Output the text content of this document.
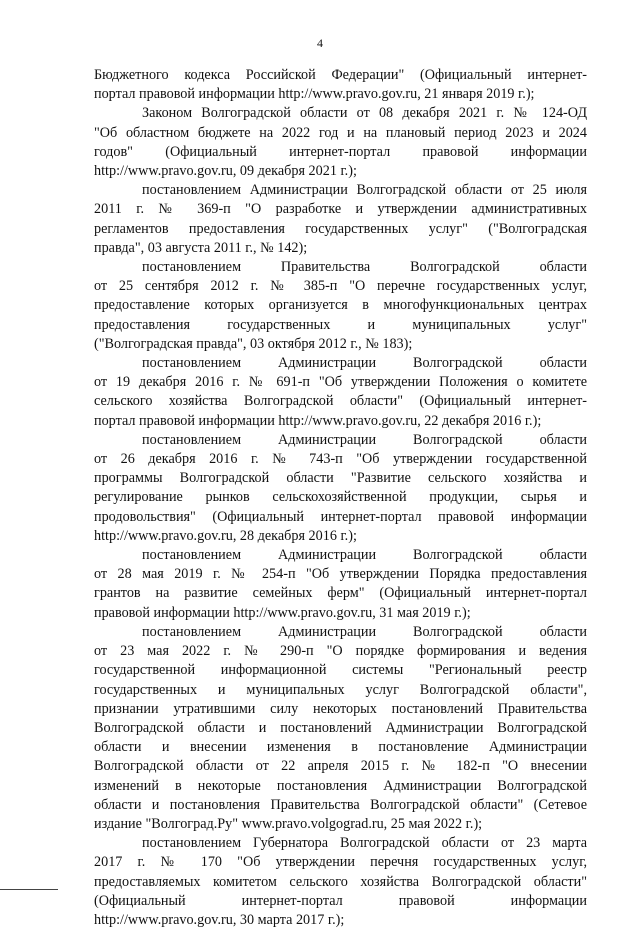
4
Бюджетного кодекса Российской Федерации" (Официальный интернет-
портал правовой информации http://www.pravo.gov.ru, 21 января 2019 г.);
Законом Волгоградской области от 08 декабря 2021 г. № 124-ОД
"Об областном бюджете на 2022 год и на плановый период 2023 и 2024
годов" (Официальный интернет-портал правовой информации
http://www.pravo.gov.ru, 09 декабря 2021 г.);
постановлением Администрации Волгоградской области от 25 июля
2011 г. № 369-п "О разработке и утверждении административных
регламентов предоставления государственных услуг" ("Волгоградская
правда", 03 августа 2011 г., № 142);
постановлением Правительства Волгоградской области
от 25 сентября 2012 г. № 385-п "О перечне государственных услуг,
предоставление которых организуется в многофункциональных центрах
предоставления государственных и муниципальных услуг"
("Волгоградская правда", 03 октября 2012 г., № 183);
постановлением Администрации Волгоградской области
от 19 декабря 2016 г. № 691-п "Об утверждении Положения о комитете
сельского хозяйства Волгоградской области" (Официальный интернет-
портал правовой информации http://www.pravo.gov.ru, 22 декабря 2016 г.);
постановлением Администрации Волгоградской области
от 26 декабря 2016 г. № 743-п "Об утверждении государственной
программы Волгоградской области "Развитие сельского хозяйства и
регулирование рынков сельскохозяйственной продукции, сырья и
продовольствия" (Официальный интернет-портал правовой информации
http://www.pravo.gov.ru, 28 декабря 2016 г.);
постановлением Администрации Волгоградской области
от 28 мая 2019 г. № 254-п "Об утверждении Порядка предоставления
грантов на развитие семейных ферм" (Официальный интернет-портал
правовой информации http://www.pravo.gov.ru, 31 мая 2019 г.);
постановлением Администрации Волгоградской области
от 23 мая 2022 г. № 290-п "О порядке формирования и ведения
государственной информационной системы "Региональный реестр
государственных и муниципальных услуг Волгоградской области",
признании утратившими силу некоторых постановлений Правительства
Волгоградской области и постановлений Администрации Волгоградской
области и внесении изменения в постановление Администрации
Волгоградской области от 22 апреля 2015 г. № 182-п "О внесении
изменений в некоторые постановления Администрации Волгоградской
области и постановления Правительства Волгоградской области" (Сетевое
издание "Волгоград.Ру" www.pravo.volgograd.ru, 25 мая 2022 г.);
постановлением Губернатора Волгоградской области от 23 марта
2017 г. № 170 "Об утверждении перечня государственных услуг,
предоставляемых комитетом сельского хозяйства Волгоградской области"
(Официальный интернет-портал правовой информации
http://www.pravo.gov.ru, 30 марта 2017 г.);
